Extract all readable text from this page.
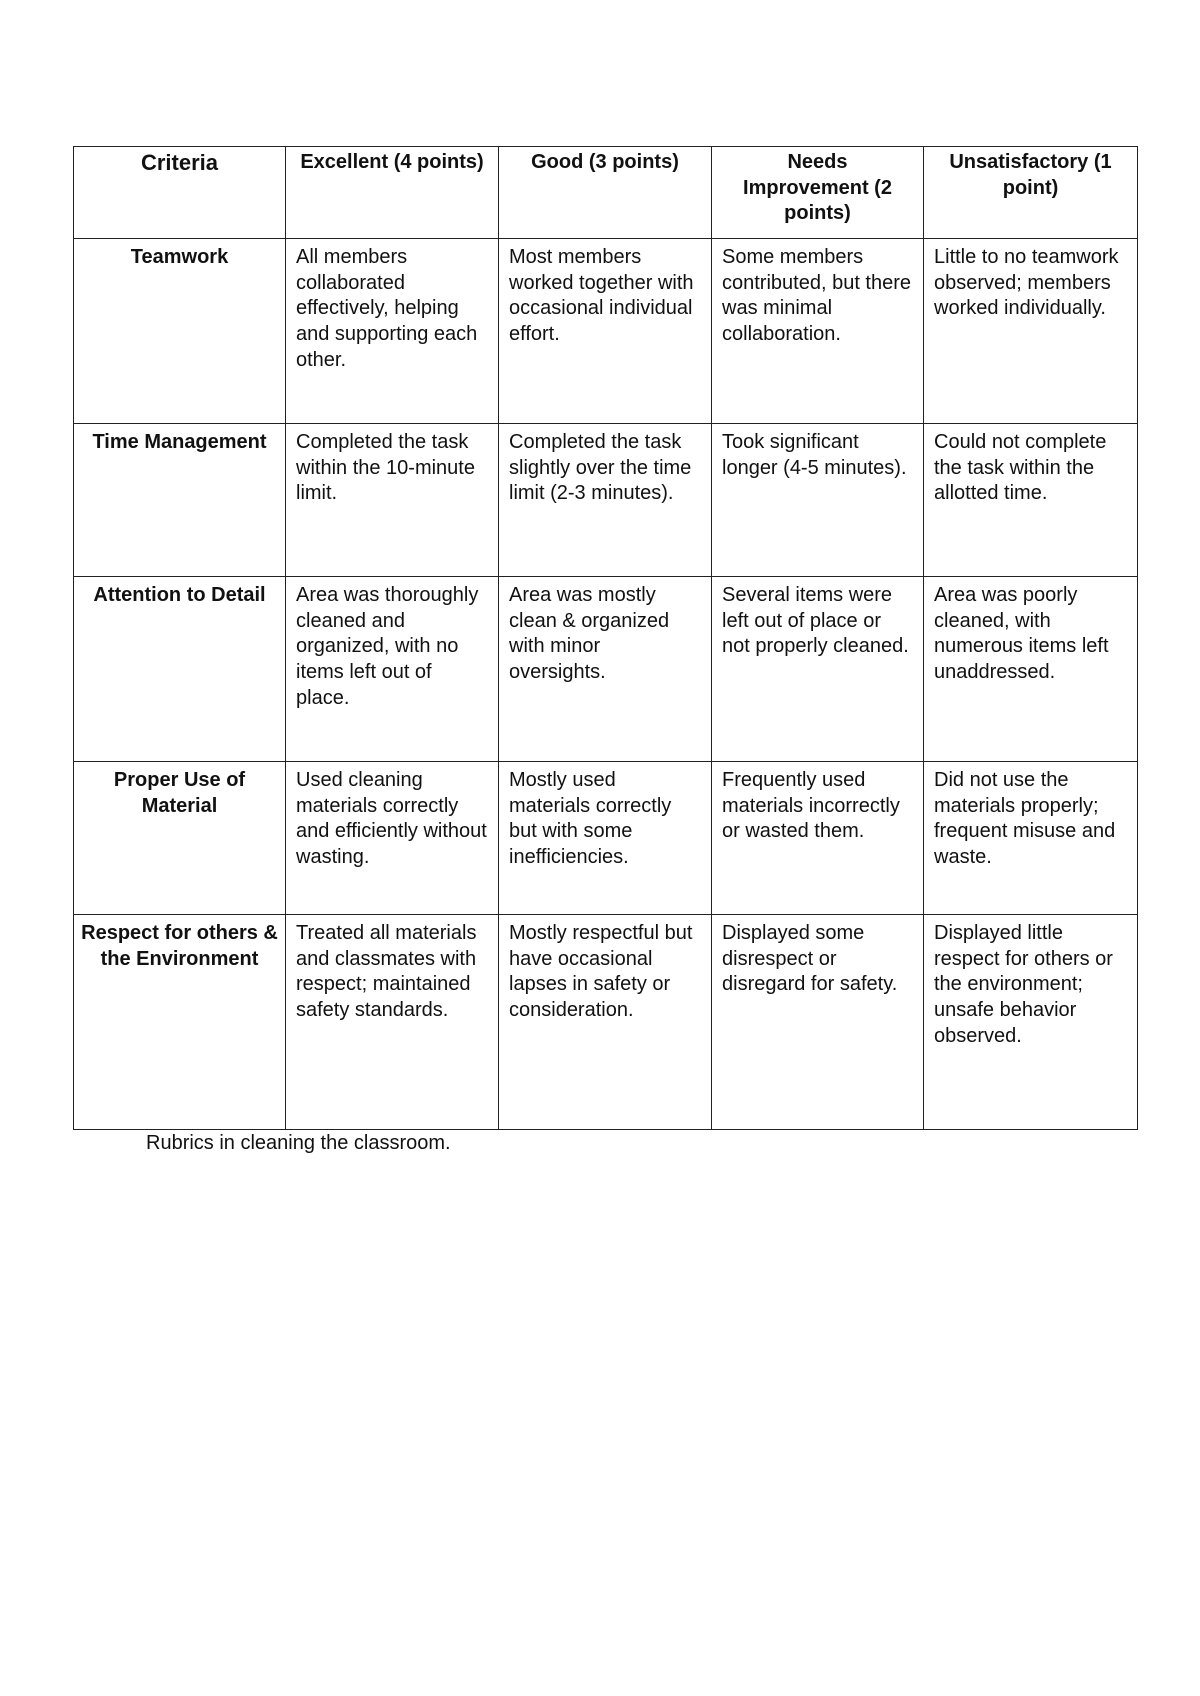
Criteria	Excellent (4 points)	Good (3 points)	Needs Improvement (2 points)	Unsatisfactory (1 point)
Teamwork	All members collaborated effectively, helping and supporting each other.	Most members worked together with occasional individual effort.	Some members contributed, but there was minimal collaboration.	Little to no teamwork observed; members worked individually.
Time Management	Completed the task within the 10-minute limit.	Completed the task slightly over the time limit (2-3 minutes).	Took significant longer (4-5 minutes).	Could not complete the task within the allotted time.
Attention to Detail	Area was thoroughly cleaned and organized, with no items left out of place.	Area was mostly clean & organized with minor oversights.	Several items were left out of place or not properly cleaned.	Area was poorly cleaned, with numerous items left unaddressed.
Proper Use of Material	Used cleaning materials correctly and efficiently without wasting.	Mostly used materials correctly but with some inefficiencies.	Frequently used materials incorrectly or wasted them.	Did not use the materials properly; frequent misuse and waste.
Respect for others & the Environment	Treated all materials and classmates with respect; maintained safety standards.	Mostly respectful but have occasional lapses in safety or consideration.	Displayed some disrespect or disregard for safety.	Displayed little respect for others or the environment; unsafe behavior observed.
Rubrics in cleaning the classroom.
